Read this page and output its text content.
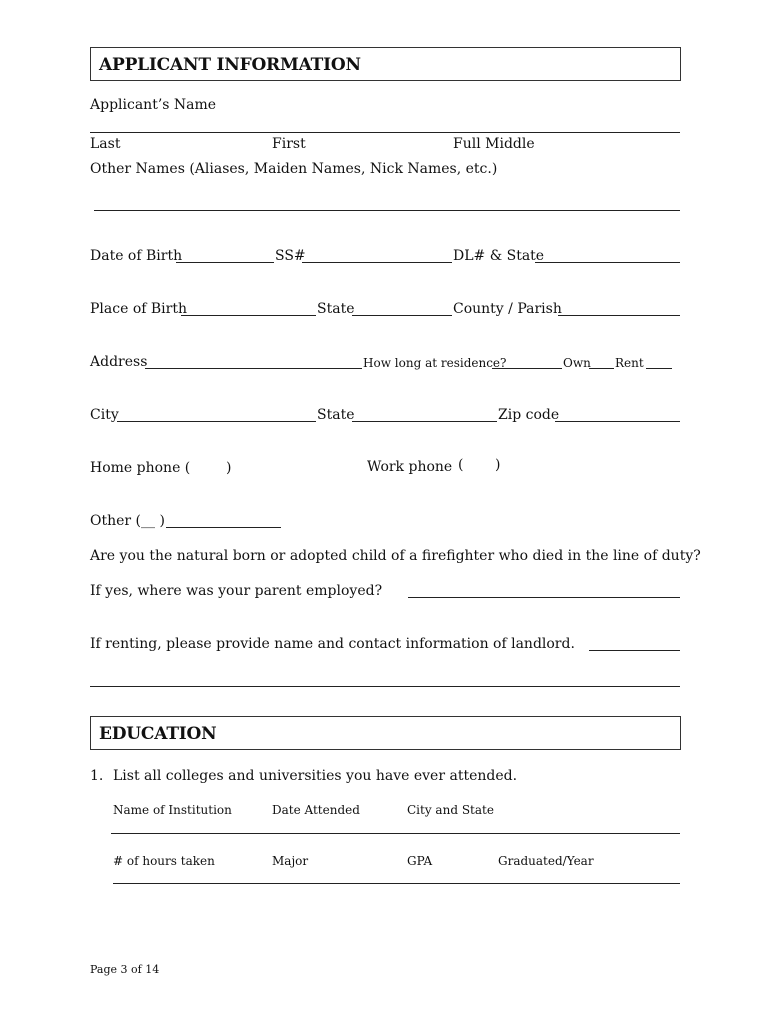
APPLICANT INFORMATION
Applicant’s Name
Last	First	Full Middle
Other Names (Aliases, Maiden Names, Nick Names, etc.)
Date of Birth	SS#	DL# & State
Place of Birth	State	County / Parish
Address	How long at residence?	Own Rent
City	State	Zip code
Home phone (	)	Work phone ( )
Other (__ )
Are you the natural born or adopted child of a firefighter who died in the line of duty?
If yes, where was your parent employed?
If renting, please provide name and contact information of landlord.
EDUCATION
1. List all colleges and universities you have ever attended.
Name of Institution	Date Attended	City and State
# of hours taken	Major	GPA	Graduated/Year
Page 3 of 14
